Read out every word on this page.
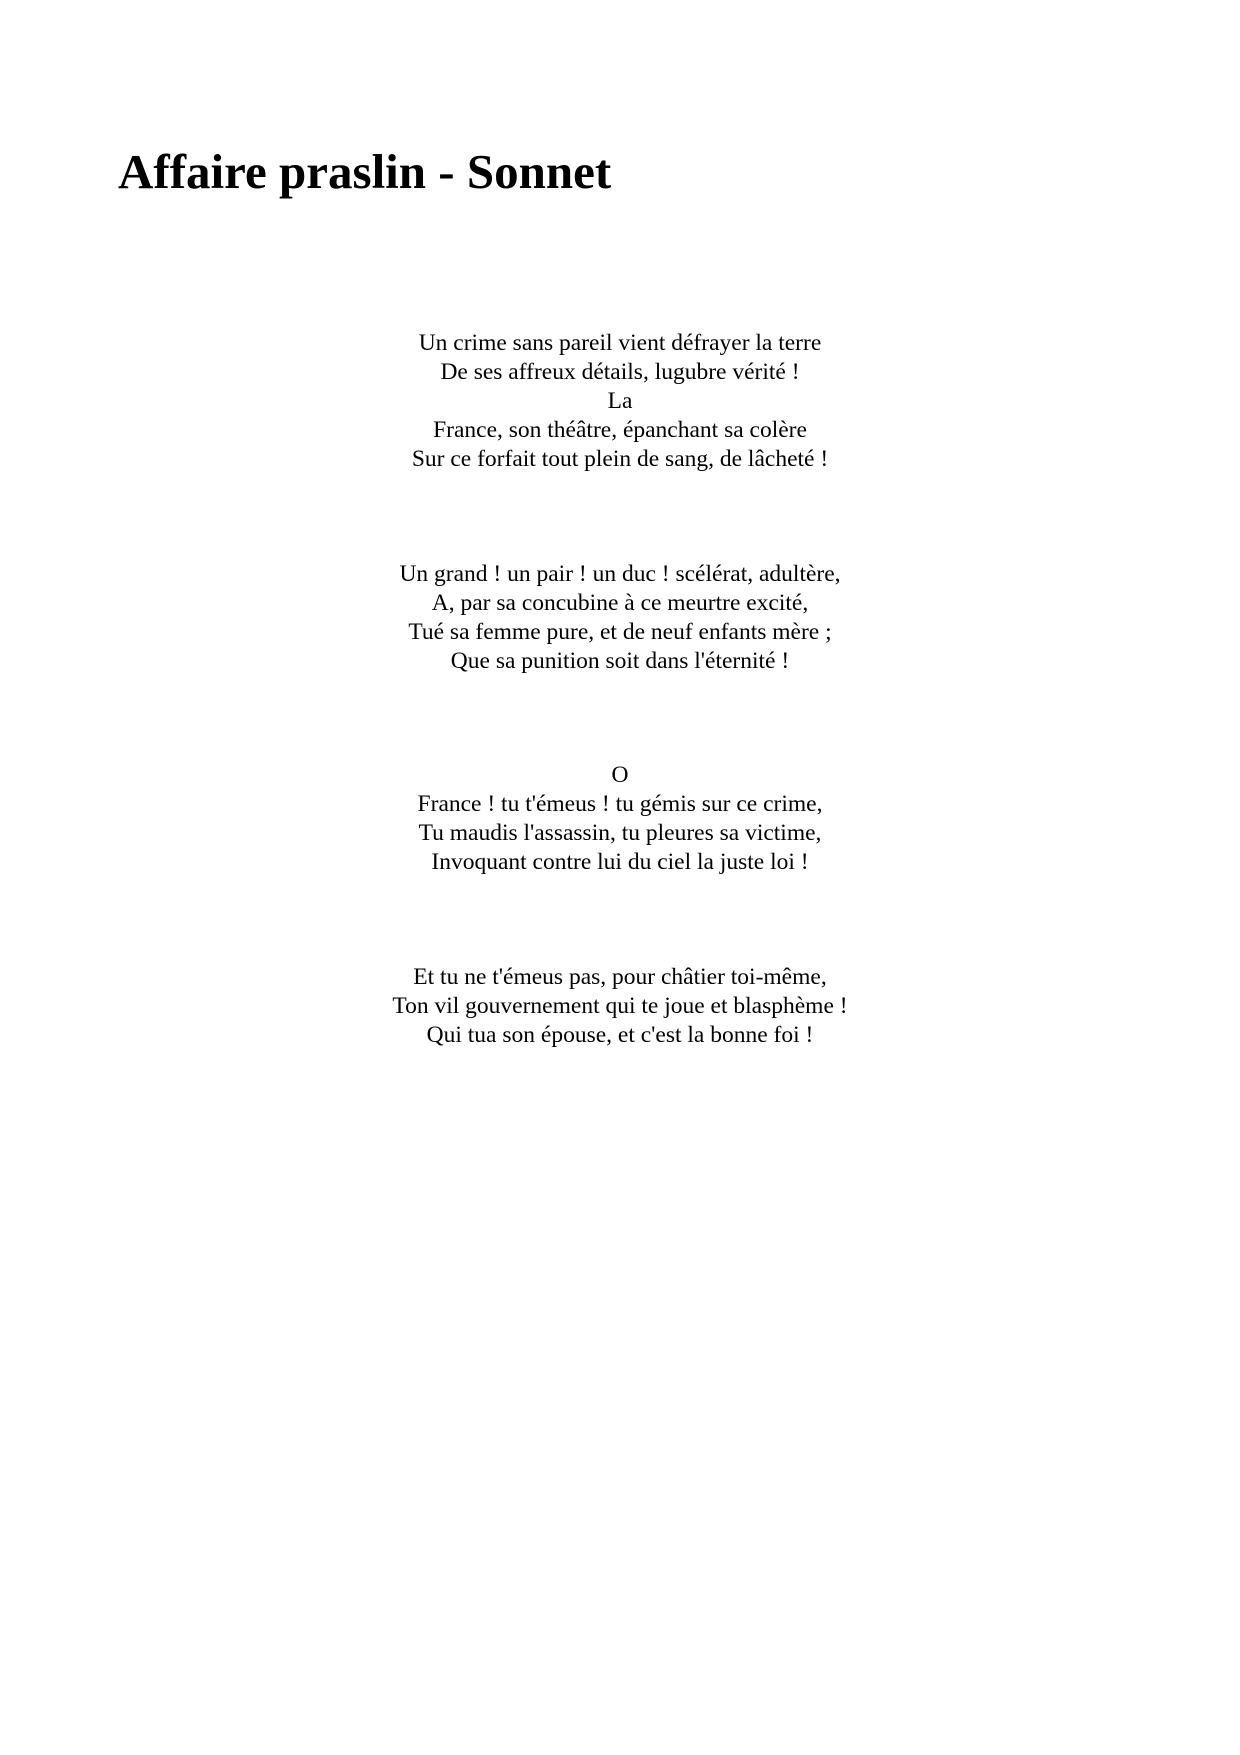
Affaire praslin - Sonnet
Un crime sans pareil vient défrayer la terre
De ses affreux détails, lugubre vérité !
La
France, son théâtre, épanchant sa colère
Sur ce forfait tout plein de sang, de lâcheté !
Un grand ! un pair ! un duc ! scélérat, adultère,
A, par sa concubine à ce meurtre excité,
Tué sa femme pure, et de neuf enfants mère ;
Que sa punition soit dans l'éternité !
O
France ! tu t'émeus ! tu gémis sur ce crime,
Tu maudis l'assassin, tu pleures sa victime,
Invoquant contre lui du ciel la juste loi !
Et tu ne t'émeus pas, pour châtier toi-même,
Ton vil gouvernement qui te joue et blasphème !
Qui tua son épouse, et c'est la bonne foi !
